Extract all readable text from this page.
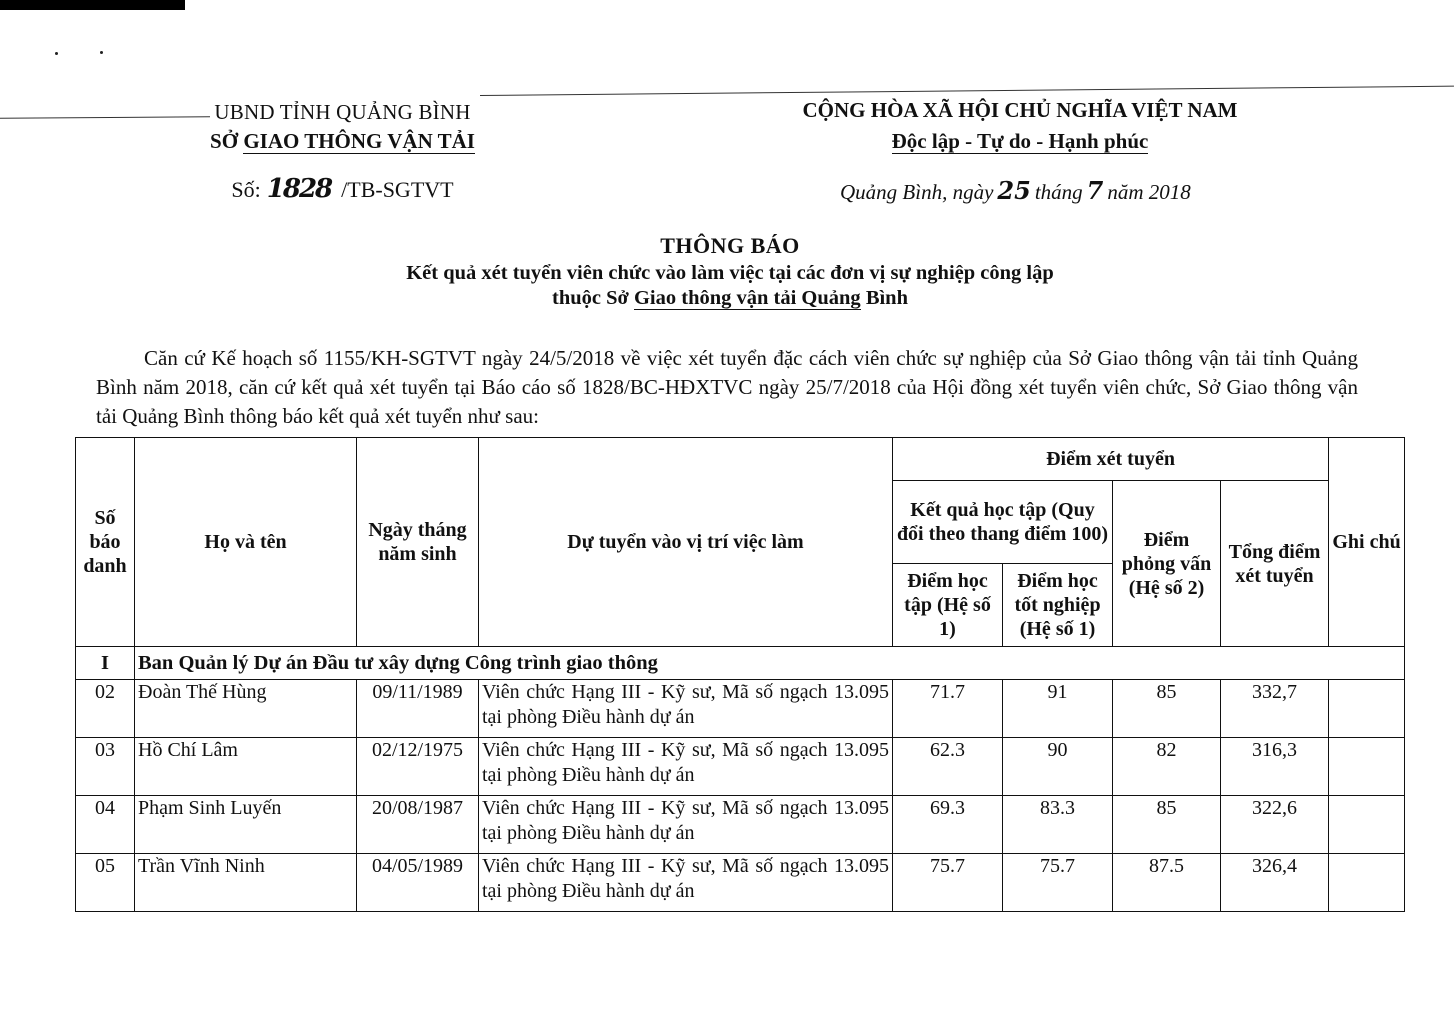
UBND TỈNH QUẢNG BÌNH
SỞ GIAO THÔNG VẬN TẢI
Số: 1828 /TB-SGTVT
CỘNG HÒA XÃ HỘI CHỦ NGHĨA VIỆT NAM
Độc lập - Tự do - Hạnh phúc
Quảng Bình, ngày 25 tháng 7 năm 2018
THÔNG BÁO
Kết quả xét tuyển viên chức vào làm việc tại các đơn vị sự nghiệp công lập
thuộc Sở Giao thông vận tải Quảng Bình
Căn cứ Kế hoạch số 1155/KH-SGTVT ngày 24/5/2018 về việc xét tuyển đặc cách viên chức sự nghiệp của Sở Giao thông vận tải tỉnh Quảng Bình năm 2018, căn cứ kết quả xét tuyển tại Báo cáo số 1828/BC-HĐXTVC ngày 25/7/2018 của Hội đồng xét tuyển viên chức, Sở Giao thông vận tải Quảng Bình thông báo kết quả xét tuyển như sau:
Số báo danh	Họ và tên	Ngày tháng năm sinh	Dự tuyển vào vị trí việc làm	Điểm xét tuyển				Ghi chú
				Kết quả học tập (Quy đổi theo thang điểm 100)		Điểm phỏng vấn (Hệ số 2)	Tổng điểm xét tuyển	
				Điểm học tập (Hệ số 1)	Điểm học tốt nghiệp (Hệ số 1)			
I	Ban Quản lý Dự án Đầu tư xây dựng Công trình giao thông							
02	Đoàn Thế Hùng	09/11/1989	Viên chức Hạng III - Kỹ sư, Mã số ngạch 13.095 tại phòng Điều hành dự án	71.7	91	85	332,7	
03	Hồ Chí Lâm	02/12/1975	Viên chức Hạng III - Kỹ sư, Mã số ngạch 13.095 tại phòng Điều hành dự án	62.3	90	82	316,3	
04	Phạm Sinh Luyến	20/08/1987	Viên chức Hạng III - Kỹ sư, Mã số ngạch 13.095 tại phòng Điều hành dự án	69.3	83.3	85	322,6	
05	Trần Vĩnh Ninh	04/05/1989	Viên chức Hạng III - Kỹ sư, Mã số ngạch 13.095 tại phòng Điều hành dự án	75.7	75.7	87.5	326,4	
